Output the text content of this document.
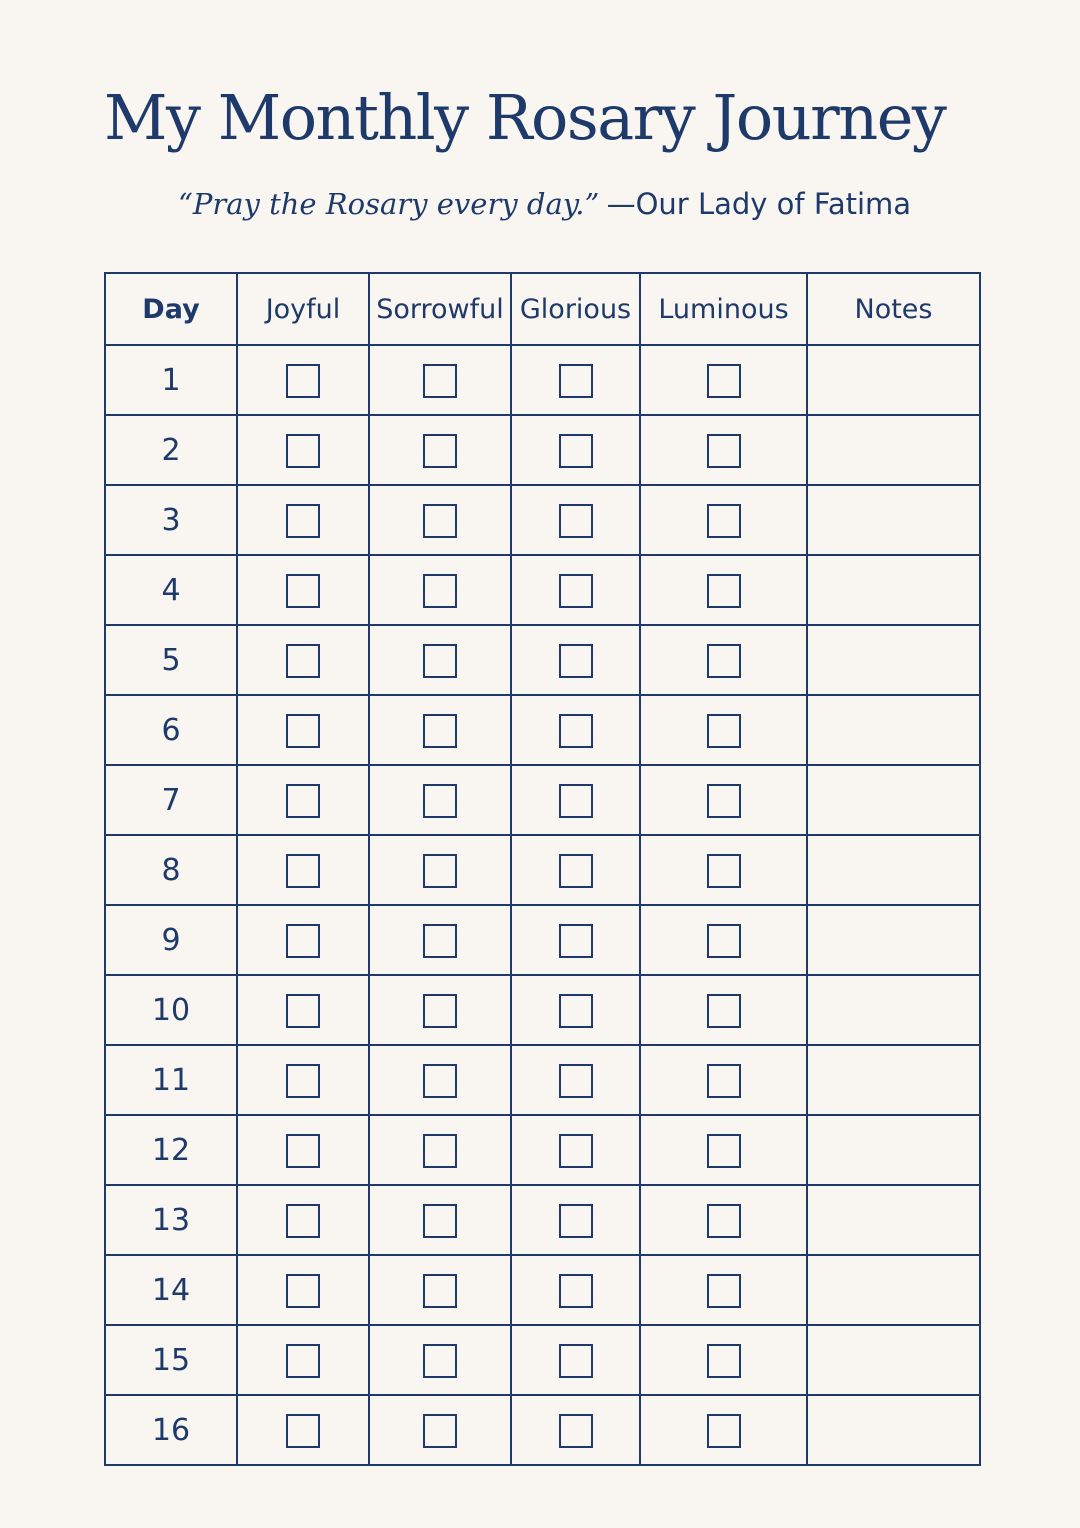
My Monthly Rosary Journey
“Pray the Rosary every day.” —Our Lady of Fatima
Day	Joyful	Sorrowful	Glorious	Luminous	Notes
1					
2					
3					
4					
5					
6					
7					
8					
9					
10					
11					
12					
13					
14					
15					
16					
